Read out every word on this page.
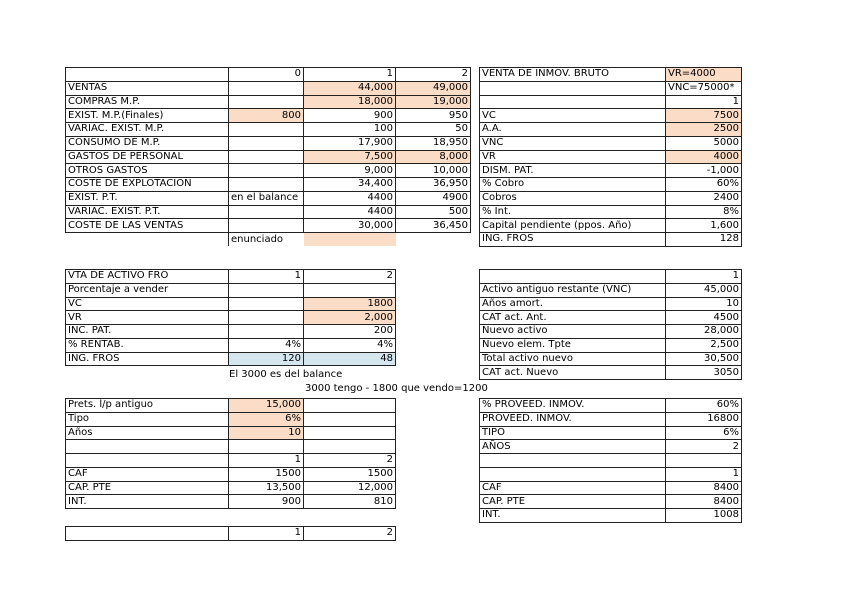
	0	1	2
VENTAS		44,000	49,000
COMPRAS M.P.		18,000	19,000
EXIST. M.P.(Finales)	800	900	950
VARIAC. EXIST. M.P.		100	50
CONSUMO DE M.P.		17,900	18,950
GASTOS DE PERSONAL		7,500	8,000
OTROS GASTOS		9,000	10,000
COSTE DE EXPLOTACIÓN		34,400	36,950
EXIST. P.T.	en el balance	4400	4900
VARIAC. EXIST. P.T.		4400	500
COSTE DE LAS VENTAS		30,000	36,450
	enunciado		
VTA DE ACTIVO FRO	1	2
Porcentaje a vender		
VC		1800
VR		2,000
INC. PAT.		200
% RENTAB.	4%	4%
ING. FROS	120	48
El 3000 es del balance
3000 tengo - 1800 que vendo=1200
Prets. l/p antiguo	15,000	
Tipo	6%	
Años	10	

	1	2
CAF	1500	1500
CAP. PTE	13,500	12,000
INT.	900	810
	1	2
VENTA DE INMOV. BRUTO	VR=4000
	VNC=75000*
	1
VC	7500
A.A.	2500
VNC	5000
VR	4000
DISM. PAT.	-1,000
% Cobro	60%
Cobros	2400
% Int.	8%
Capital pendiente (ppos. Año)	1,600
ING. FROS	128
	1
Activo antiguo restante (VNC)	45,000
Años amort.	10
CAT act. Ant.	4500
Nuevo activo	28,000
Nuevo elem. Tpte	2,500
Total activo nuevo	30,500
CAT act. Nuevo	3050
% PROVEED. INMOV.	60%
PROVEED. INMOV.	16800
TIPO	6%
AÑOS	2

	1
CAF	8400
CAP. PTE	8400
INT.	1008
